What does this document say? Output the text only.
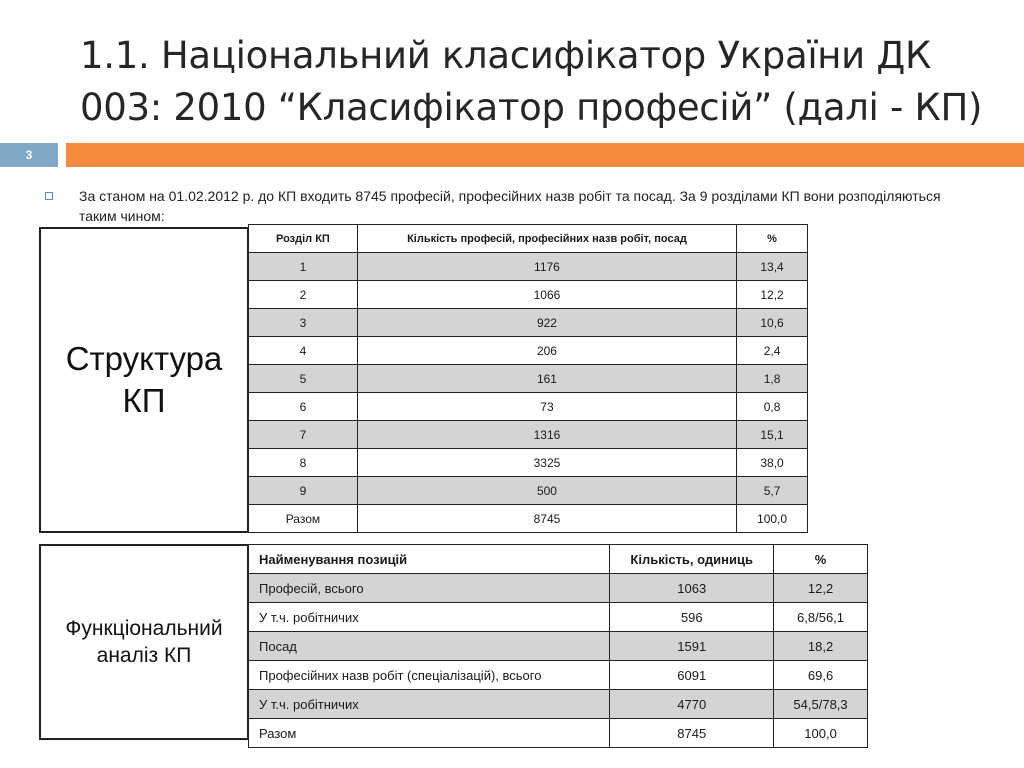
1.1. Національний класифікатор України ДК
003: 2010 “Класифікатор професій” (далі - КП)
3
За станом на 01.02.2012 р. до КП входить 8745 професій, професійних назв робіт та посад. За 9 розділами КП вони розподіляються таким чином:
Структура
КП
Функціональний
аналіз КП
Розділ КП	Кількість професій, професійних назв робіт, посад	%
1	1176	13,4
2	1066	12,2
3	922	10,6
4	206	2,4
5	161	1,8
6	73	0,8
7	1316	15,1
8	3325	38,0
9	500	5,7
Разом	8745	100,0
Найменування позицій	Кількість, одиниць	%
Професій, всього	1063	12,2
У т.ч. робітничих	596	6,8/56,1
Посад	1591	18,2
Професійних назв робіт (спеціалізацій), всього	6091	69,6
У т.ч. робітничих	4770	54,5/78,3
Разом	8745	100,0
